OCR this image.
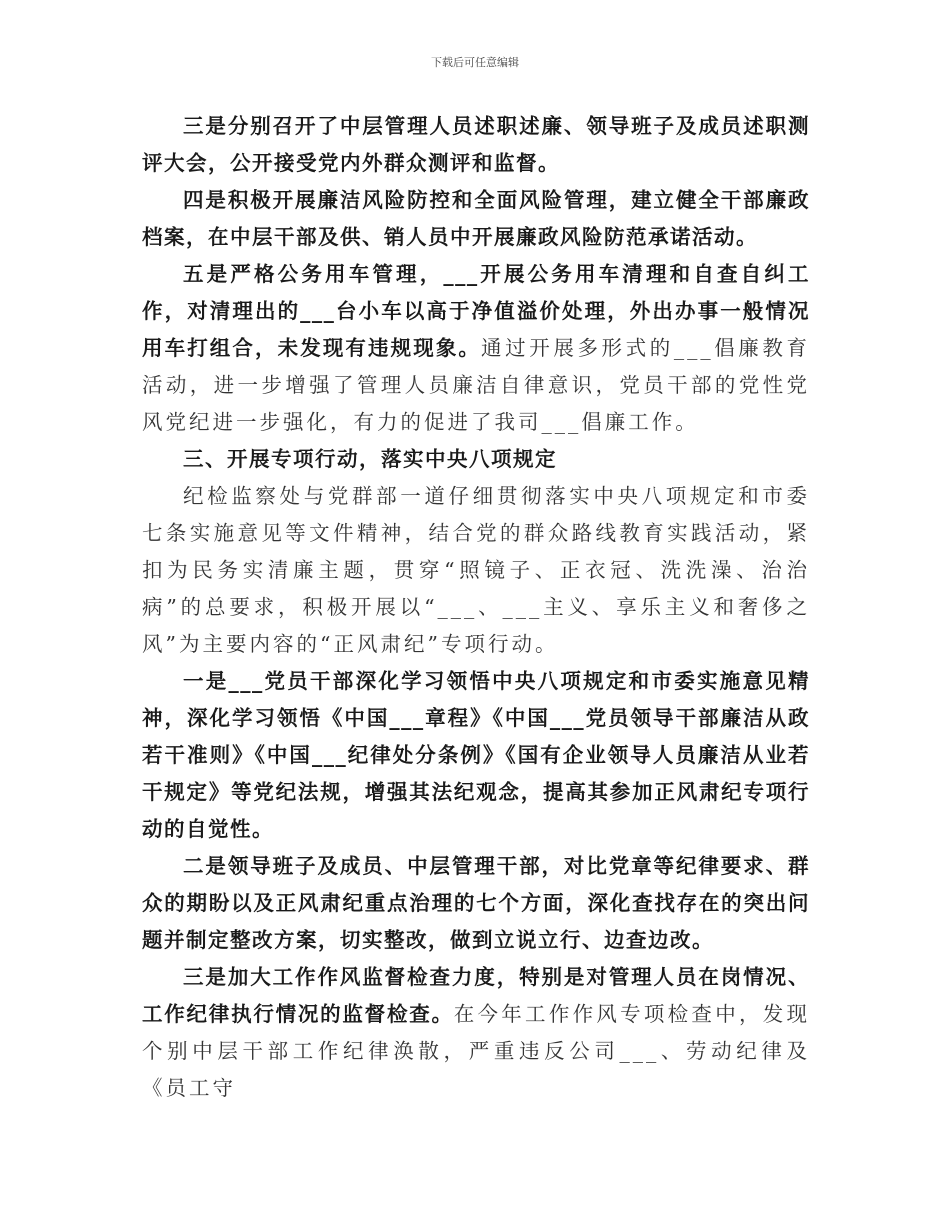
下载后可任意编辑

三是分别召开了中层管理人员述职述廉、领导班子及成员述职测评大会，公开接受党内外群众测评和监督。

四是积极开展廉洁风险防控和全面风险管理，建立健全干部廉政档案，在中层干部及供、销人员中开展廉政风险防范承诺活动。

五是严格公务用车管理，___开展公务用车清理和自查自纠工作，对清理出的___台小车以高于净值溢价处理，外出办事一般情况用车打组合，未发现有违规现象。通过开展多形式的___倡廉教育活动，进一步增强了管理人员廉洁自律意识，党员干部的党性党风党纪进一步强化，有力的促进了我司___倡廉工作。

三、开展专项行动，落实中央八项规定

纪检监察处与党群部一道仔细贯彻落实中央八项规定和市委七条实施意见等文件精神，结合党的群众路线教育实践活动，紧扣为民务实清廉主题，贯穿“照镜子、正衣冠、洗洗澡、治治病”的总要求，积极开展以“___、___主义、享乐主义和奢侈之风”为主要内容的“正风肃纪”专项行动。

一是___党员干部深化学习领悟中央八项规定和市委实施意见精神，深化学习领悟《中国___章程》《中国___党员领导干部廉洁从政若干准则》《中国___纪律处分条例》《国有企业领导人员廉洁从业若干规定》等党纪法规，增强其法纪观念，提高其参加正风肃纪专项行动的自觉性。

二是领导班子及成员、中层管理干部，对比党章等纪律要求、群众的期盼以及正风肃纪重点治理的七个方面，深化查找存在的突出问题并制定整改方案，切实整改，做到立说立行、边查边改。

三是加大工作作风监督检查力度，特别是对管理人员在岗情况、工作纪律执行情况的监督检查。在今年工作作风专项检查中，发现个别中层干部工作纪律涣散，严重违反公司___、劳动纪律及《员工守
